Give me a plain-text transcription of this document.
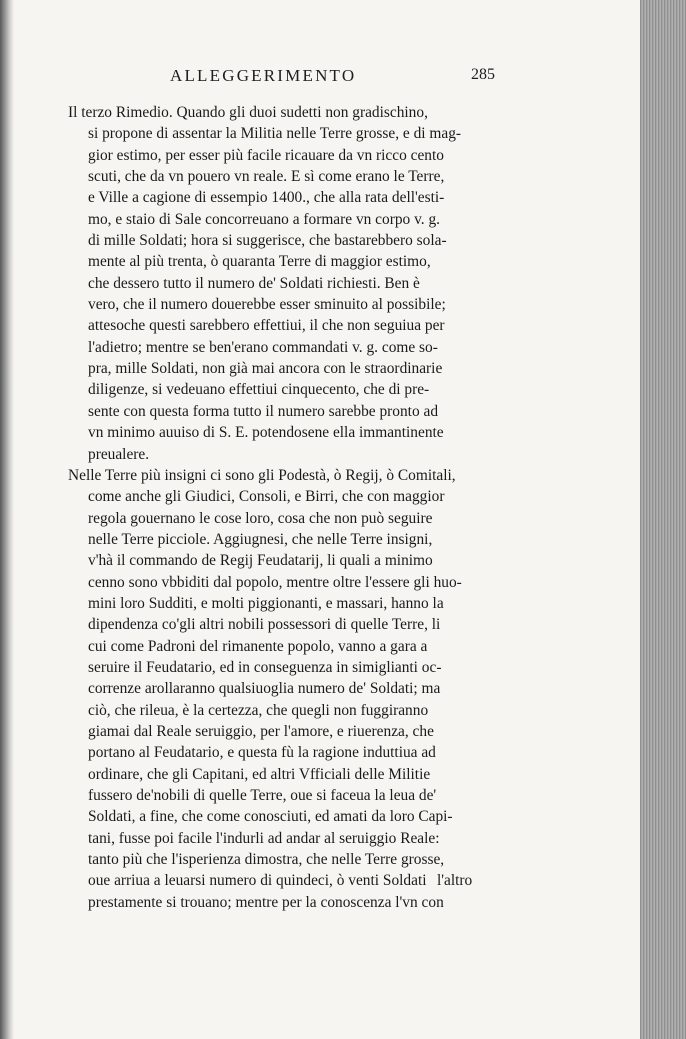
ALLEGGERIMENTO	285

Il terzo Rimedio. Quando gli duoi sudetti non gradischino,
si propone di assentar la Militia nelle Terre grosse, e di mag-
gior estimo, per esser più facile ricauare da vn ricco cento
scuti, che da vn pouero vn reale. E sì come erano le Terre,
e Ville a cagione di essempio 1400., che alla rata dell'esti-
mo, e staio di Sale concorreuano a formare vn corpo v. g.
di mille Soldati; hora si suggerisce, che bastarebbero sola-
mente al più trenta, ò quaranta Terre di maggior estimo,
che dessero tutto il numero de' Soldati richiesti. Ben è
vero, che il numero douerebbe esser sminuito al possibile;
attesoche questi sarebbero effettiui, il che non seguiua per
l'adietro; mentre se ben'erano commandati v. g. come so-
pra, mille Soldati, non già mai ancora con le straordinarie
diligenze, si vedeuano effettiui cinquecento, che di pre-
sente con questa forma tutto il numero sarebbe pronto ad
vn minimo auuiso di S. E. potendosene ella immantinente
preualere.

Nelle Terre più insigni ci sono gli Podestà, ò Regij, ò Comitali,
come anche gli Giudici, Consoli, e Birri, che con maggior
regola gouernano le cose loro, cosa che non può seguire
nelle Terre picciole. Aggiugnesi, che nelle Terre insigni,
v'hà il commando de Regij Feudatarij, li quali a minimo
cenno sono vbbiditi dal popolo, mentre oltre l'essere gli huo-
mini loro Sudditi, e molti piggionanti, e massari, hanno la
dipendenza co'gli altri nobili possessori di quelle Terre, li
cui come Padroni del rimanente popolo, vanno a gara a
seruire il Feudatario, ed in conseguenza in simiglianti oc-
correnze arollaranno qualsiuoglia numero de' Soldati; ma
ciò, che rileua, è la certezza, che quegli non fuggiranno
giamai dal Reale seruiggio, per l'amore, e riuerenza, che
portano al Feudatario, e questa fù la ragione induttiua ad
ordinare, che gli Capitani, ed altri Vfficiali delle Militie
fussero de'nobili di quelle Terre, oue si faceua la leua de'
Soldati, a fine, che come conosciuti, ed amati da loro Capi-
tani, fusse poi facile l'indurli ad andar al seruiggio Reale:
tanto più che l'isperienza dimostra, che nelle Terre grosse,
oue arriua a leuarsi numero di quindeci, ò venti Soldati
prestamente si trouano; mentre per la conoscenza l'vn con

l'altro
